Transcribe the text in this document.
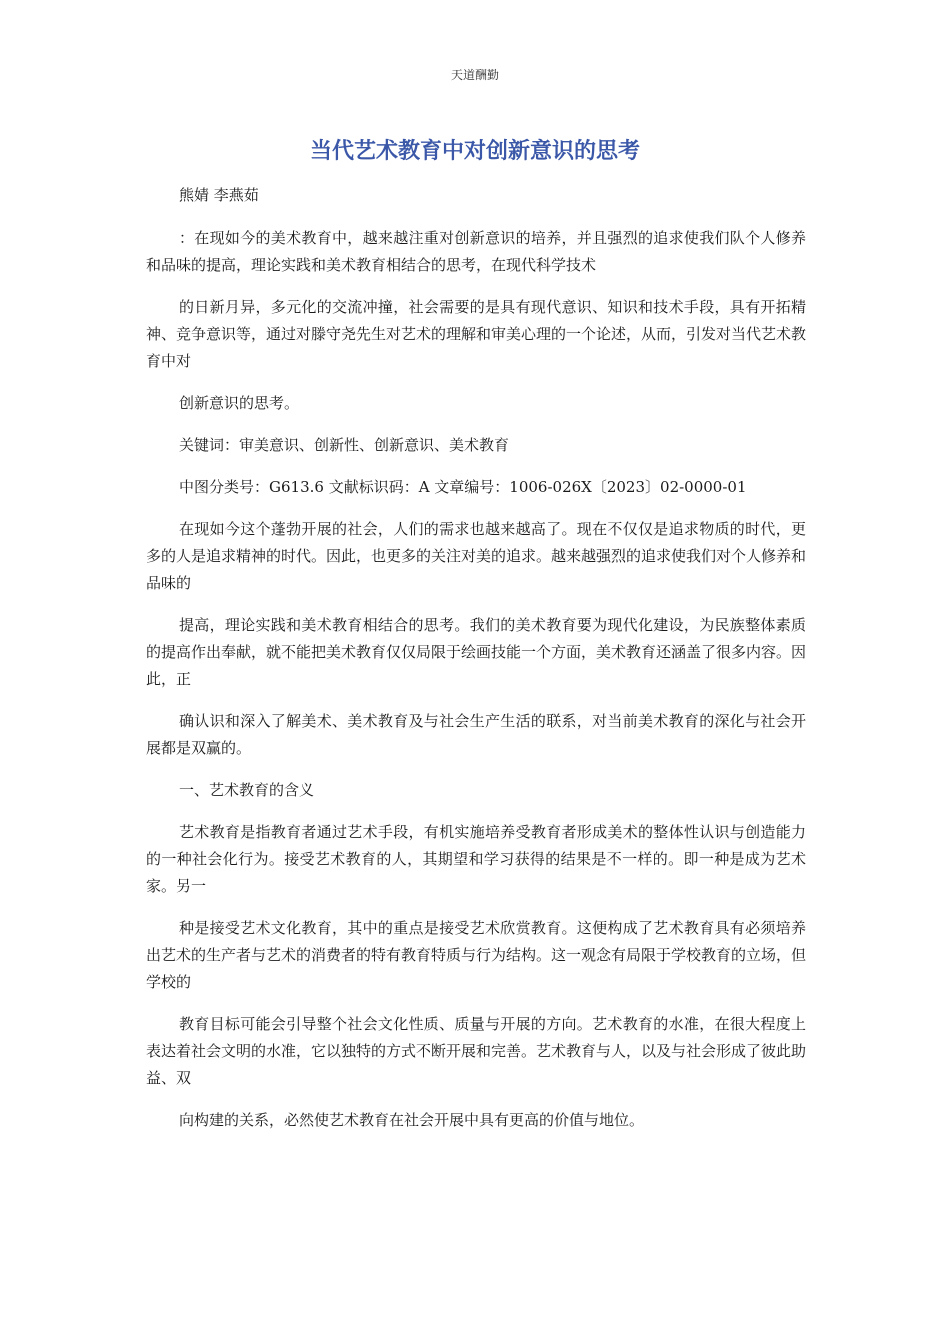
天道酬勤
当代艺术教育中对创新意识的思考

熊婧 李燕茹

：在现如今的美术教育中，越来越注重对创新意识的培养，并且强烈的追求使我们队个人修养和品味的提高，理论实践和美术教育相结合的思考，在现代科学技术

的日新月异，多元化的交流冲撞，社会需要的是具有现代意识、知识和技术手段，具有开拓精神、竞争意识等，通过对滕守尧先生对艺术的理解和审美心理的一个论述，从而，引发对当代艺术教育中对

创新意识的思考。

关键词：审美意识、创新性、创新意识、美术教育

中图分类号：G613.6 文献标识码：A 文章编号：1006-026X〔2023〕02-0000-01

在现如今这个蓬勃开展的社会，人们的需求也越来越高了。现在不仅仅是追求物质的时代，更多的人是追求精神的时代。因此，也更多的关注对美的追求。越来越强烈的追求使我们对个人修养和品味的

提高，理论实践和美术教育相结合的思考。我们的美术教育要为现代化建设，为民族整体素质的提高作出奉献，就不能把美术教育仅仅局限于绘画技能一个方面，美术教育还涵盖了很多内容。因此，正

确认识和深入了解美术、美术教育及与社会生产生活的联系，对当前美术教育的深化与社会开展都是双赢的。

一、艺术教育的含义

艺术教育是指教育者通过艺术手段，有机实施培养受教育者形成美术的整体性认识与创造能力的一种社会化行为。接受艺术教育的人，其期望和学习获得的结果是不一样的。即一种是成为艺术家。另一

种是接受艺术文化教育，其中的重点是接受艺术欣赏教育。这便构成了艺术教育具有必须培养出艺术的生产者与艺术的消费者的特有教育特质与行为结构。这一观念有局限于学校教育的立场，但学校的

教育目标可能会引导整个社会文化性质、质量与开展的方向。艺术教育的水准，在很大程度上表达着社会文明的水准，它以独特的方式不断开展和完善。艺术教育与人，以及与社会形成了彼此助益、双

向构建的关系，必然使艺术教育在社会开展中具有更高的价值与地位。
